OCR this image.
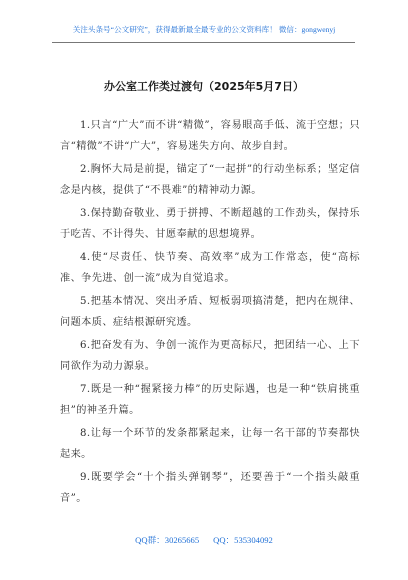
关注头条号“公文研究”，获得最新最全最专业的公文资料库！ 微信：gongwenyj
办公室工作类过渡句（2025年5月7日）

1.只言“广大”而不讲“精微”，容易眼高手低、流于空想；只言“精微”不讲“广大”，容易迷失方向、故步自封。

2.胸怀大局是前提，锚定了“一起拼”的行动坐标系；坚定信念是内核，提供了“不畏难”的精神动力源。

3.保持勤奋敬业、勇于拼搏、不断超越的工作劲头，保持乐于吃苦、不计得失、甘愿奉献的思想境界。

4.使“尽责任、快节奏、高效率”成为工作常态，使“高标准、争先进、创一流”成为自觉追求。

5.把基本情况、突出矛盾、短板弱项搞清楚，把内在规律、问题本质、症结根源研究透。

6.把奋发有为、争创一流作为更高标尺，把团结一心、上下同欲作为动力源泉。

7.既是一种“握紧接力棒”的历史际遇，也是一种“铁肩挑重担”的神圣升篇。

8.让每一个环节的发条都紧起来，让每一名干部的节奏都快起来。

9.既要学会“十个指头弹钢琴”，还要善于“一个指头敲重音”。

QQ群：30265665 QQ：535304092
